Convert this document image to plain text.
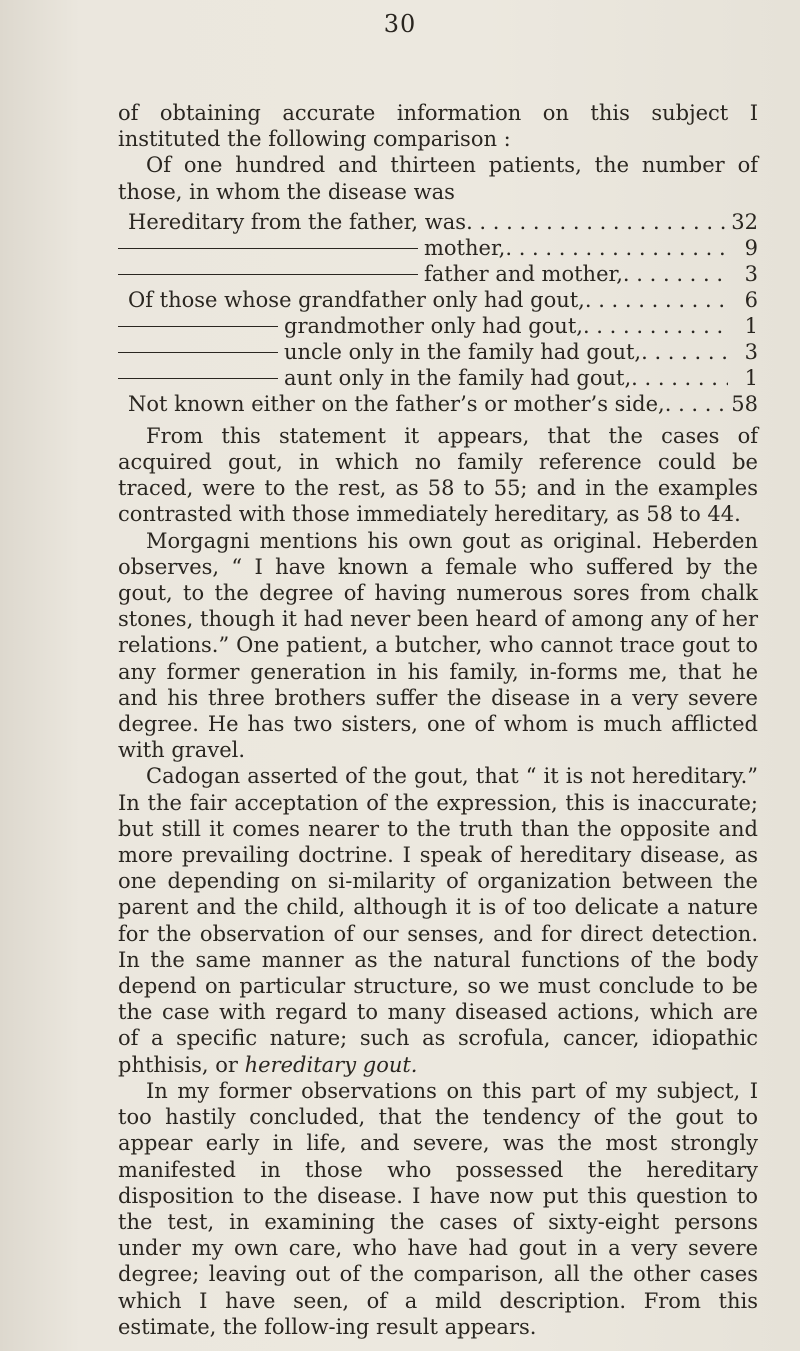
30

of obtaining accurate information on this subject I instituted the following comparison :

Of one hundred and thirteen patients, the number of those, in whom the disease was

Hereditary from the father, was . . .	32
mother, . . .	9
father and mother, . . .	3
Of those whose grandfather only had gout, . . .	6
grandmother only had gout, . . .	1
uncle only in the family had gout, . . .	3
aunt only in the family had gout, . . .	1
Not known either on the father’s or mother’s side, . . .	58

From this statement it appears, that the cases of acquired gout, in which no family reference could be traced, were to the rest, as 58 to 55; and in the examples contrasted with those immediately hereditary, as 58 to 44.

Morgagni mentions his own gout as original. Heberden observes, “ I have known a female who suffered by the gout, to the degree of having numerous sores from chalk stones, though it had never been heard of among any of her relations.” One patient, a butcher, who cannot trace gout to any former generation in his family, in-forms me, that he and his three brothers suffer the disease in a very severe degree. He has two sisters, one of whom is much afflicted with gravel.

Cadogan asserted of the gout, that “ it is not hereditary.” In the fair acceptation of the expression, this is inaccurate; but still it comes nearer to the truth than the opposite and more prevailing doctrine. I speak of hereditary disease, as one depending on si-milarity of organization between the parent and the child, although it is of too delicate a nature for the observation of our senses, and for direct detection. In the same manner as the natural functions of the body depend on particular structure, so we must conclude to be the case with regard to many diseased actions, which are of a specific nature; such as scrofula, cancer, idiopathic phthisis, or hereditary gout.

In my former observations on this part of my subject, I too hastily concluded, that the tendency of the gout to appear early in life, and severe, was the most strongly manifested in those who possessed the hereditary disposition to the disease. I have now put this question to the test, in examining the cases of sixty-eight persons under my own care, who have had gout in a very severe degree; leaving out of the comparison, all the other cases which I have seen, of a mild description. From this estimate, the follow-ing result appears.
